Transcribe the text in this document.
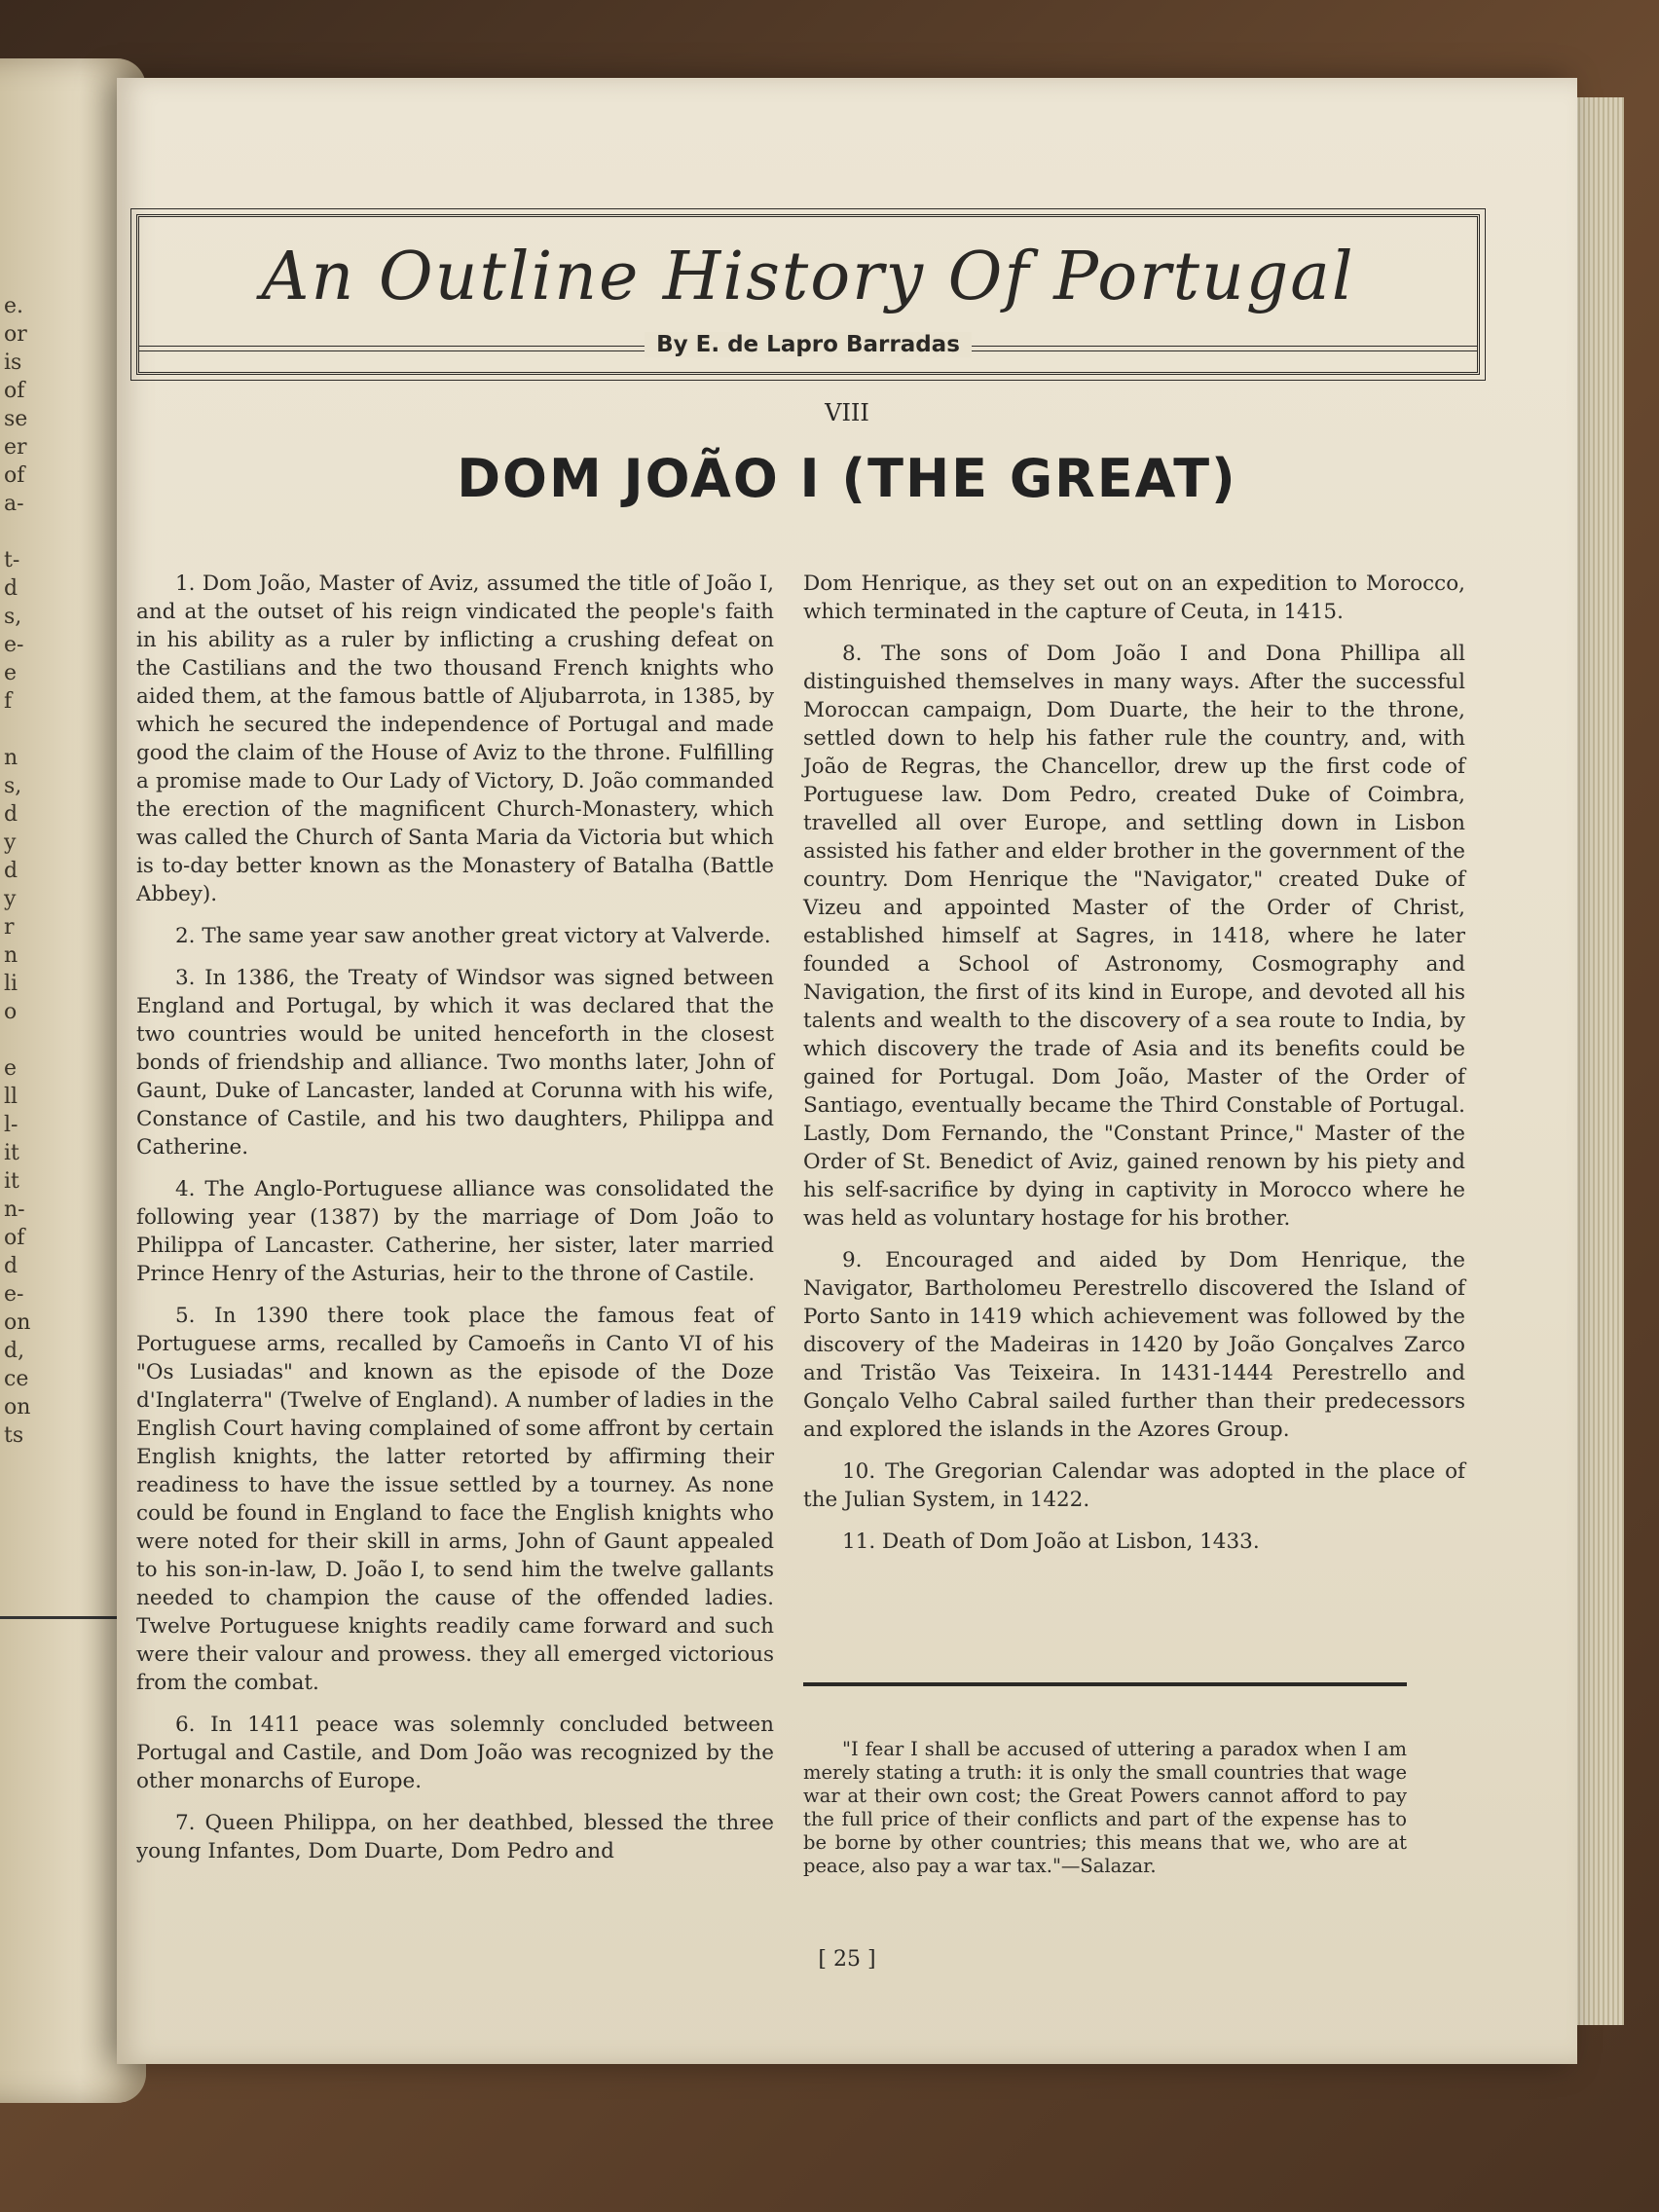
e.
or
is
of
se
er
of
a-

t-
d
s,
e-
e
f

n
s,
d
y
d
y
r
n
li
o

e
ll
l-
it
it
n-
of
d
e-
on
d,
ce
on
ts
An Outline History Of Portugal
By E. de Lapro Barradas
VIII
DOM JOÃO I (THE GREAT)

1. Dom João, Master of Aviz, assumed the title of João I, and at the outset of his reign vindicated the people's faith in his ability as a ruler by inflicting a crushing defeat on the Castilians and the two thousand French knights who aided them, at the famous battle of Aljubarrota, in 1385, by which he secured the independence of Portugal and made good the claim of the House of Aviz to the throne. Fulfilling a promise made to Our Lady of Victory, D. João commanded the erection of the magnificent Church-Monastery, which was called the Church of Santa Maria da Victoria but which is to-day better known as the Monastery of Batalha (Battle Abbey).

2. The same year saw another great victory at Valverde.

3. In 1386, the Treaty of Windsor was signed between England and Portugal, by which it was declared that the two countries would be united henceforth in the closest bonds of friendship and alliance. Two months later, John of Gaunt, Duke of Lancaster, landed at Corunna with his wife, Constance of Castile, and his two daughters, Philippa and Catherine.

4. The Anglo-Portuguese alliance was consolidated the following year (1387) by the marriage of Dom João to Philippa of Lancaster. Catherine, her sister, later married Prince Henry of the Asturias, heir to the throne of Castile.

5. In 1390 there took place the famous feat of Portuguese arms, recalled by Camoeñs in Canto VI of his "Os Lusiadas" and known as the episode of the Doze d'Inglaterra" (Twelve of England). A number of ladies in the English Court having complained of some affront by certain English knights, the latter retorted by affirming their readiness to have the issue settled by a tourney. As none could be found in England to face the English knights who were noted for their skill in arms, John of Gaunt appealed to his son-in-law, D. João I, to send him the twelve gallants needed to champion the cause of the offended ladies. Twelve Portuguese knights readily came forward and such were their valour and prowess. they all emerged victorious from the combat.

6. In 1411 peace was solemnly concluded between Portugal and Castile, and Dom João was recognized by the other monarchs of Europe.

7. Queen Philippa, on her deathbed, blessed the three young Infantes, Dom Duarte, Dom Pedro and

Dom Henrique, as they set out on an expedition to Morocco, which terminated in the capture of Ceuta, in 1415.

8. The sons of Dom João I and Dona Phillipa all distinguished themselves in many ways. After the successful Moroccan campaign, Dom Duarte, the heir to the throne, settled down to help his father rule the country, and, with João de Regras, the Chancellor, drew up the first code of Portuguese law. Dom Pedro, created Duke of Coimbra, travelled all over Europe, and settling down in Lisbon assisted his father and elder brother in the government of the country. Dom Henrique the "Navigator," created Duke of Vizeu and appointed Master of the Order of Christ, established himself at Sagres, in 1418, where he later founded a School of Astronomy, Cosmography and Navigation, the first of its kind in Europe, and devoted all his talents and wealth to the discovery of a sea route to India, by which discovery the trade of Asia and its benefits could be gained for Portugal. Dom João, Master of the Order of Santiago, eventually became the Third Constable of Portugal. Lastly, Dom Fernando, the "Constant Prince," Master of the Order of St. Benedict of Aviz, gained renown by his piety and his self-sacrifice by dying in captivity in Morocco where he was held as voluntary hostage for his brother.

9. Encouraged and aided by Dom Henrique, the Navigator, Bartholomeu Perestrello discovered the Island of Porto Santo in 1419 which achievement was followed by the discovery of the Madeiras in 1420 by João Gonçalves Zarco and Tristão Vas Teixeira. In 1431-1444 Perestrello and Gonçalo Velho Cabral sailed further than their predecessors and explored the islands in the Azores Group.

10. The Gregorian Calendar was adopted in the place of the Julian System, in 1422.

11. Death of Dom João at Lisbon, 1433.

"I fear I shall be accused of uttering a paradox when I am merely stating a truth: it is only the small countries that wage war at their own cost; the Great Powers cannot afford to pay the full price of their conflicts and part of the expense has to be borne by other countries; this means that we, who are at peace, also pay a war tax."—Salazar.
[ 25 ]
